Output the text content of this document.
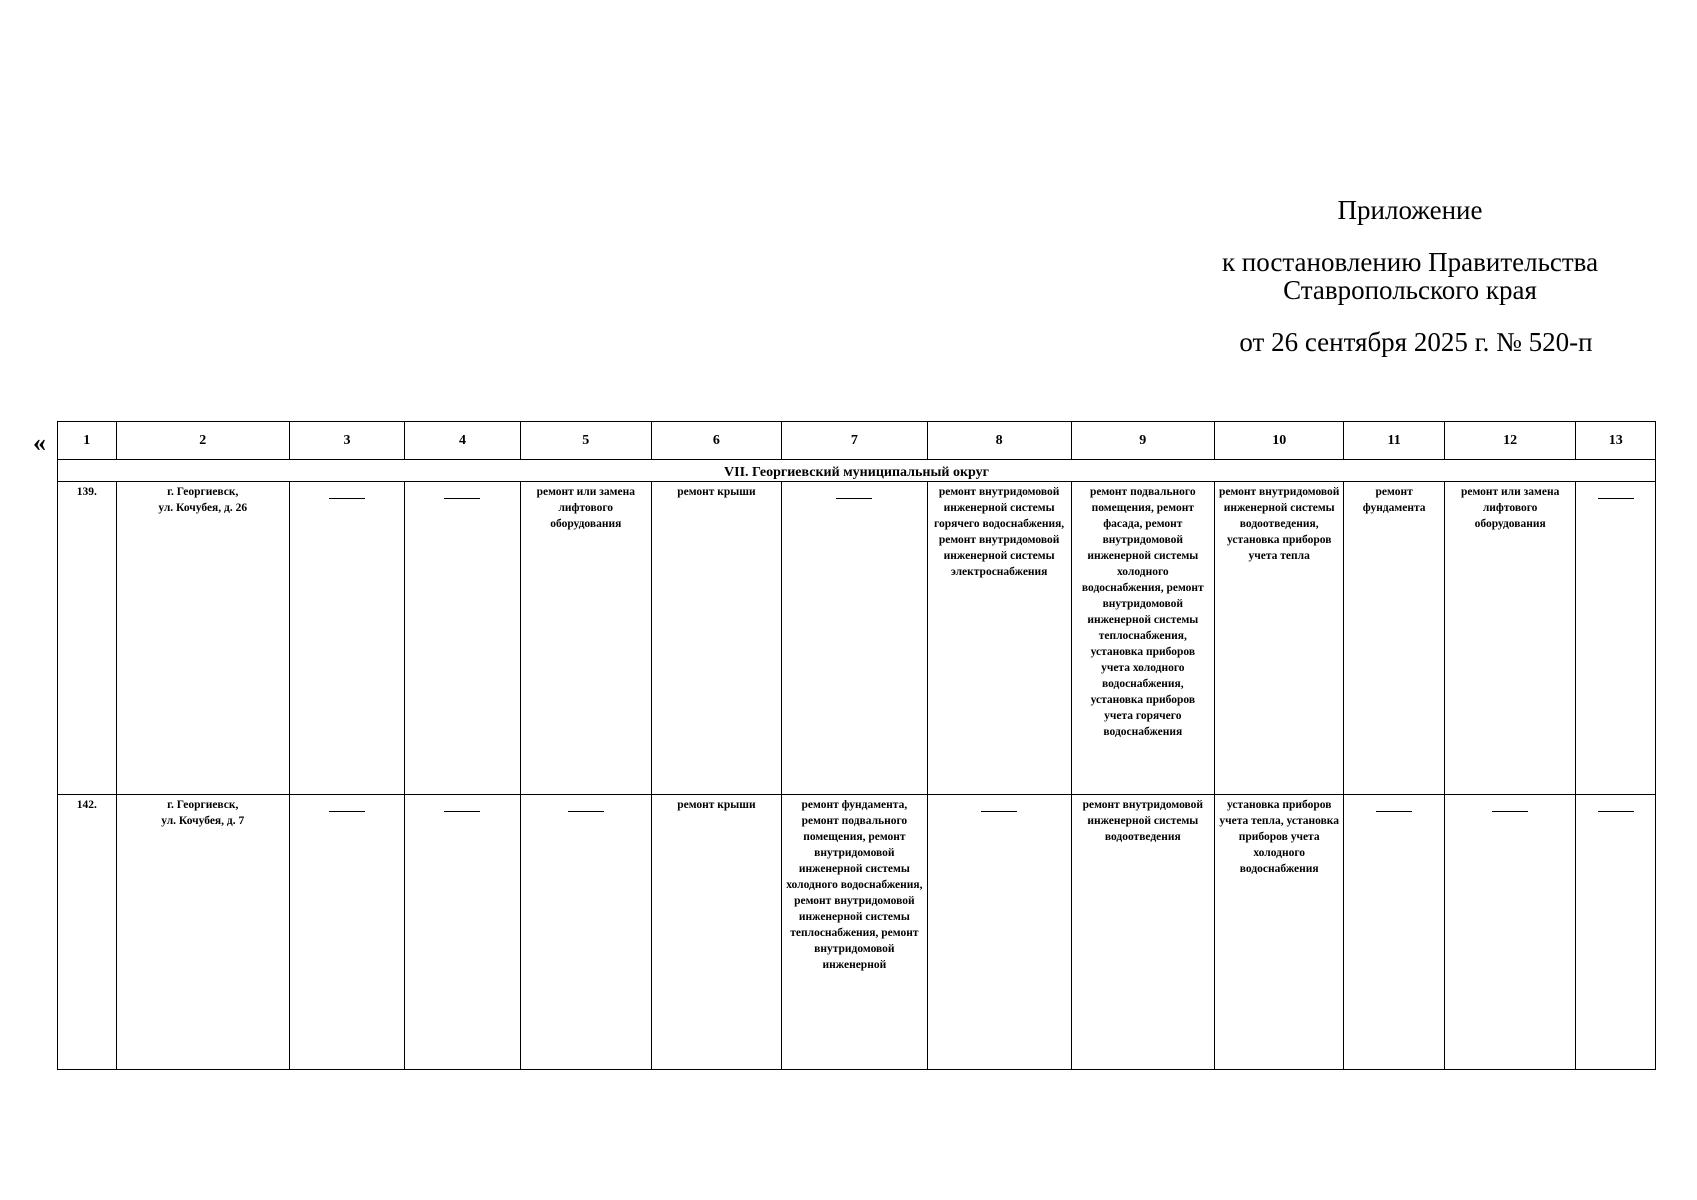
Приложение
к постановлению Правительства
Ставропольского края
от 26 сентября 2025 г. № 520-п
«	1	2	3	4	5	6	7	8	9	10	11	12	13
VII. Георгиевский муниципальный округ												
139.	г. Георгиевск,
ул. Кочубея, д. 26			ремонт или замена лифтового оборудования	ремонт крыши		ремонт внутридомовой инженерной системы горячего водоснабжения, ремонт внутридомовой инженерной системы электроснабжения	ремонт подвального помещения, ремонт фасада, ремонт внутридомовой инженерной системы холодного водоснабжения, ремонт внутридомовой инженерной системы теплоснабжения, установка приборов учета холодного водоснабжения, установка приборов учета горячего водоснабжения	ремонт внутридомовой инженерной системы водоотведения, установка приборов учета тепла	ремонт фундамента	ремонт или замена лифтового оборудования	

142.	г. Георгиевск,
ул. Кочубея, д. 7				ремонт крыши	ремонт фундамента, ремонт подвального помещения, ремонт внутридомовой инженерной системы холодного водоснабжения, ремонт внутридомовой инженерной системы теплоснабжения, ремонт внутридомовой инженерной		ремонт внутридомовой инженерной системы водоотведения	установка приборов учета тепла, установка приборов учета холодного водоснабжения	
